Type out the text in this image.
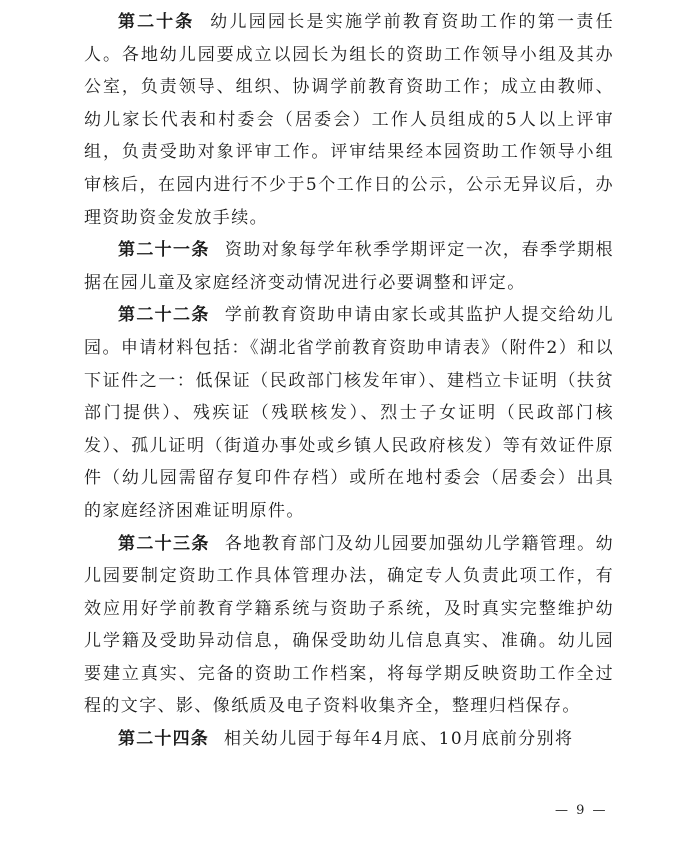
第二十条 幼儿园园长是实施学前教育资助工作的第一责任人。各地幼儿园要成立以园长为组长的资助工作领导小组及其办公室，负责领导、组织、协调学前教育资助工作；成立由教师、幼儿家长代表和村委会（居委会）工作人员组成的5人以上评审组，负责受助对象评审工作。评审结果经本园资助工作领导小组审核后，在园内进行不少于5个工作日的公示，公示无异议后，办理资助资金发放手续。

第二十一条 资助对象每学年秋季学期评定一次，春季学期根据在园儿童及家庭经济变动情况进行必要调整和评定。

第二十二条 学前教育资助申请由家长或其监护人提交给幼儿园。申请材料包括：《湖北省学前教育资助申请表》（附件2）和以下证件之一：低保证（民政部门核发年审）、建档立卡证明（扶贫部门提供）、残疾证（残联核发）、烈士子女证明（民政部门核发）、孤儿证明（街道办事处或乡镇人民政府核发）等有效证件原件（幼儿园需留存复印件存档）或所在地村委会（居委会）出具的家庭经济困难证明原件。

第二十三条 各地教育部门及幼儿园要加强幼儿学籍管理。幼儿园要制定资助工作具体管理办法，确定专人负责此项工作，有效应用好学前教育学籍系统与资助子系统，及时真实完整维护幼儿学籍及受助异动信息，确保受助幼儿信息真实、准确。幼儿园要建立真实、完备的资助工作档案，将每学期反映资助工作全过程的文字、影、像纸质及电子资料收集齐全，整理归档保存。

第二十四条 相关幼儿园于每年4月底、10月底前分别将

— 9 —
